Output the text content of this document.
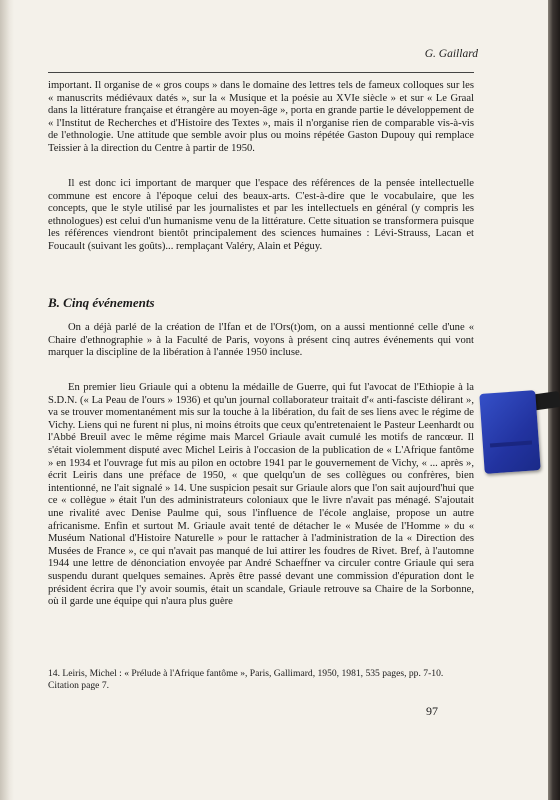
G. Gaillard

important. Il organise de « gros coups » dans le domaine des lettres tels de fameux colloques sur les « manuscrits médiévaux datés », sur la « Musique et la poésie au XVIe siècle » et sur « Le Graal dans la littérature française et étrangère au moyen-âge », porta en grande partie le développement de « l'Institut de Recherches et d'Histoire des Textes », mais il n'organise rien de comparable vis-à-vis de l'ethnologie. Une attitude que semble avoir plus ou moins répétée Gaston Dupouy qui remplace Teissier à la direction du Centre à partir de 1950.

Il est donc ici important de marquer que l'espace des références de la pensée intellectuelle commune est encore à l'époque celui des beaux-arts. C'est-à-dire que le vocabulaire, que les concepts, que le style utilisé par les journalistes et par les intellectuels en général (y compris les ethnologues) est celui d'un humanisme venu de la littérature. Cette situation se transformera puisque les références viendront bientôt principalement des sciences humaines : Lévi-Strauss, Lacan et Foucault (suivant les goûts)... remplaçant Valéry, Alain et Péguy.

B. Cinq événements

On a déjà parlé de la création de l'Ifan et de l'Ors(t)om, on a aussi mentionné celle d'une « Chaire d'ethnographie » à la Faculté de Paris, voyons à présent cinq autres événements qui vont marquer la discipline de la libération à l'année 1950 incluse.

En premier lieu Griaule qui a obtenu la médaille de Guerre, qui fut l'avocat de l'Ethiopie à la S.D.N. (« La Peau de l'ours » 1936) et qu'un journal collaborateur traitait d'« anti-fasciste délirant », va se trouver momentanément mis sur la touche à la libération, du fait de ses liens avec le régime de Vichy. Liens qui ne furent ni plus, ni moins étroits que ceux qu'entretenaient le Pasteur Leenhardt ou l'Abbé Breuil avec le même régime mais Marcel Griaule avait cumulé les motifs de rancœur. Il s'était violemment disputé avec Michel Leiris à l'occasion de la publication de « L'Afrique fantôme » en 1934 et l'ouvrage fut mis au pilon en octobre 1941 par le gouvernement de Vichy, « ... après », écrit Leiris dans une préface de 1950, « que quelqu'un de ses collègues ou confrères, bien intentionné, ne l'ait signalé » 14. Une suspicion pesait sur Griaule alors que l'on sait aujourd'hui que ce « collègue » était l'un des administrateurs coloniaux que le livre n'avait pas ménagé. S'ajoutait une rivalité avec Denise Paulme qui, sous l'influence de l'école anglaise, propose un autre africanisme. Enfin et surtout M. Griaule avait tenté de détacher le « Musée de l'Homme » du « Muséum National d'Histoire Naturelle » pour le rattacher à l'administration de la « Direction des Musées de France », ce qui n'avait pas manqué de lui attirer les foudres de Rivet. Bref, à l'automne 1944 une lettre de dénonciation envoyée par André Schaeffner va circuler contre Griaule qui sera suspendu durant quelques semaines. Après être passé devant une commission d'épuration dont le président écrira que l'y avoir soumis, était un scandale, Griaule retrouve sa Chaire de la Sorbonne, où il garde une équipe qui n'aura plus guère

14. Leiris, Michel : « Prélude à l'Afrique fantôme », Paris, Gallimard, 1950, 1981, 535 pages, pp. 7-10. Citation page 7.

97
